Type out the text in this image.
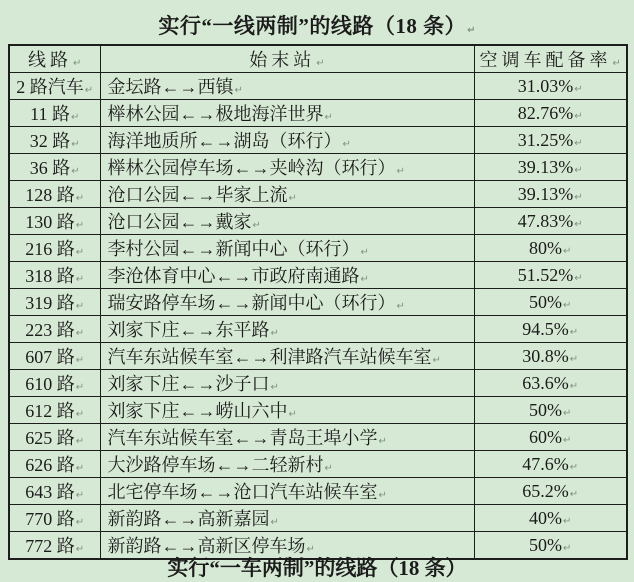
实行“一线两制”的线路（18 条）↵
线路↵	始末站↵	空调车配备率↵
2 路汽车↵	金坛路←→西镇↵	31.03%↵
11 路↵	榉林公园←→极地海洋世界↵	82.76%↵
32 路↵	海洋地质所←→湖岛（环行）↵	31.25%↵
36 路↵	榉林公园停车场←→夹岭沟（环行）↵	39.13%↵
128 路↵	沧口公园←→毕家上流↵	39.13%↵
130 路↵	沧口公园←→戴家↵	47.83%↵
216 路↵	李村公园←→新闻中心（环行）↵	80%↵
318 路↵	李沧体育中心←→市政府南通路↵	51.52%↵
319 路↵	瑞安路停车场←→新闻中心（环行）↵	50%↵
223 路↵	刘家下庄←→东平路↵	94.5%↵
607 路↵	汽车东站候车室←→利津路汽车站候车室↵	30.8%↵
610 路↵	刘家下庄←→沙子口↵	63.6%↵
612 路↵	刘家下庄←→崂山六中↵	50%↵
625 路↵	汽车东站候车室←→青岛王埠小学↵	60%↵
626 路↵	大沙路停车场←→二轻新村↵	47.6%↵
643 路↵	北宅停车场←→沧口汽车站候车室↵	65.2%↵
770 路↵	新韵路←→高新嘉园↵	40%↵
772 路↵	新韵路←→高新区停车场↵	50%↵
实行“一车两制”的线路（18 条）
